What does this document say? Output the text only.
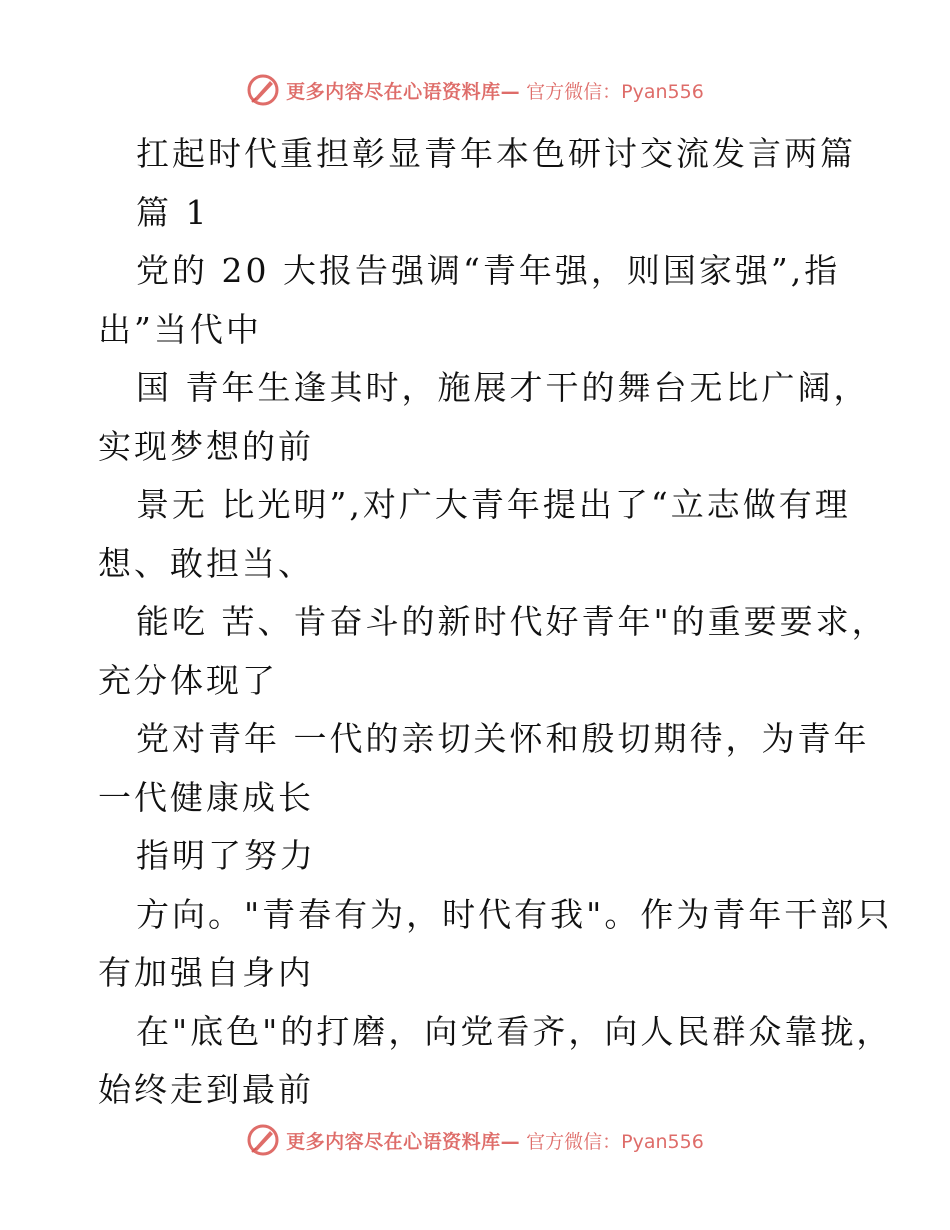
更多内容尽在心语资料库— 官方微信：Pyan556
扛起时代重担彰显青年本色研讨交流发言两篇
篇 1
党的 20 大报告强调“青年强，则国家强”,指
出”当代中
国 青年生逢其时，施展才干的舞台无比广阔，
实现梦想的前
景无 比光明”,对广大青年提出了“立志做有理
想、敢担当、
能吃 苦、肯奋斗的新时代好青年"的重要要求，
充分体现了
党对青年 一代的亲切关怀和殷切期待，为青年
一代健康成长
指明了努力
方向。"青春有为，时代有我"。作为青年干部只
有加强自身内
在"底色"的打磨，向党看齐，向人民群众靠拢，
始终走到最前
更多内容尽在心语资料库— 官方微信：Pyan556
